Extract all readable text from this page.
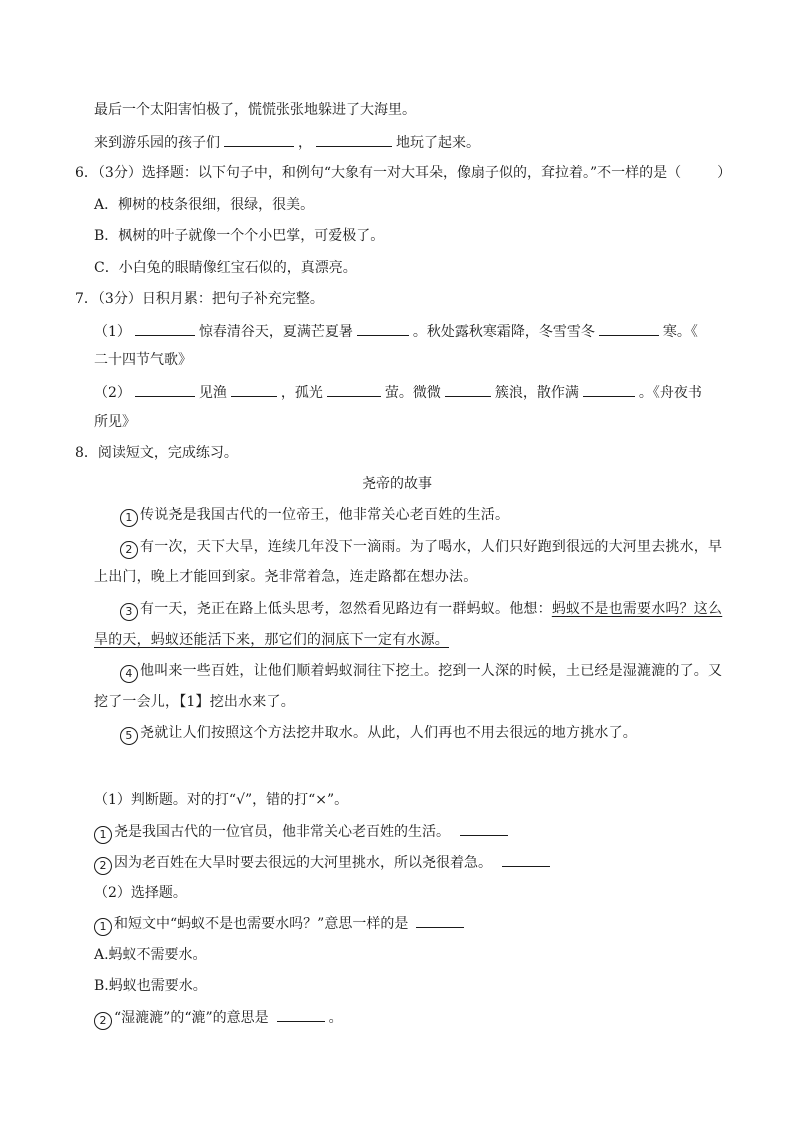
最后一个太阳害怕极了，慌慌张张地躲进了大海里。
来到游乐园的孩子们	，	地玩了起来。
6．（3分）选择题：以下句子中，和例句“大象有一对大耳朵，像扇子似的，耷拉着。”不一样的是（	）
A．柳树的枝条很细，很绿，很美。
B．枫树的叶子就像一个个小巴掌，可爱极了。
C．小白兔的眼睛像红宝石似的，真漂亮。
7．（3分）日积月累：把句子补充完整。
（1）	惊春清谷天，夏满芒夏暑	。秋处露秋寒霜降，冬雪雪冬	寒。《
二十四节气歌》
（2）	见渔	，孤光	萤。微微	簇浪，散作满	。《舟夜书
所见》
8．阅读短文，完成练习。
尧帝的故事
1 传说尧是我国古代的一位帝王，他非常关心老百姓的生活。
2 有一次，天下大旱，连续几年没下一滴雨。为了喝水，人们只好跑到很远的大河里去挑水，早
上出门，晚上才能回到家。尧非常着急，连走路都在想办法。
3 有一天，尧正在路上低头思考，忽然看见路边有一群蚂蚁。他想：蚂蚁不是也需要水吗？这么
旱的天，蚂蚁还能活下来，那它们的洞底下一定有水源。
4 他叫来一些百姓，让他们顺着蚂蚁洞往下挖土。挖到一人深的时候，土已经是湿漉漉的了。又
挖了一会儿，【1】挖出水来了。
5 尧就让人们按照这个方法挖井取水。从此，人们再也不用去很远的地方挑水了。
（1）判断题。对的打“√”，错的打“×”。
1 尧是我国古代的一位官员，他非常关心老百姓的生活。
2 因为老百姓在大旱时要去很远的大河里挑水，所以尧很着急。
（2）选择题。
1 和短文中“蚂蚁不是也需要水吗？”意思一样的是
A.蚂蚁不需要水。
B.蚂蚁也需要水。
2 “湿漉漉”的“漉”的意思是	。
